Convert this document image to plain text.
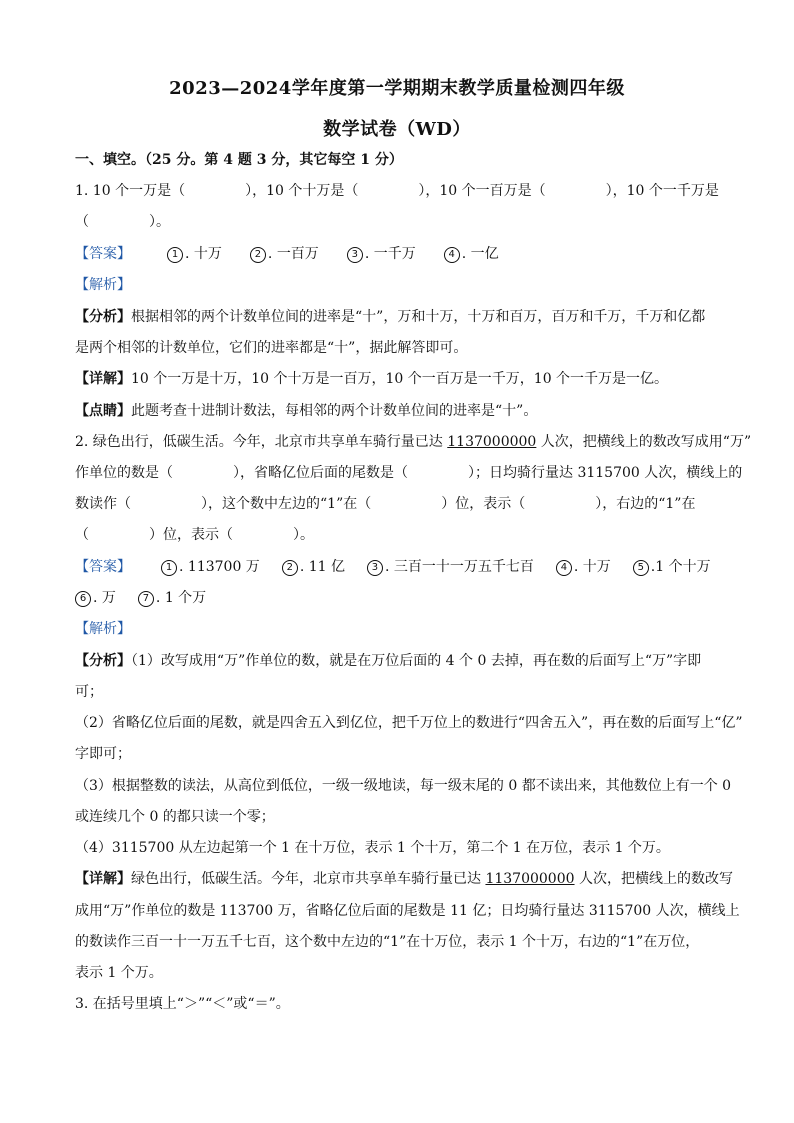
2023—2024学年度第一学期期末教学质量检测四年级
数学试卷（WD）
一、填空。（25 分。第 4 题 3 分，其它每空 1 分）
1. 10 个一万是（	），10 个十万是（	），10 个一百万是（	），10 个一千万是
（	）。
【答案】	1 . 十万	2 . 一百万	3 . 一千万	4 . 一亿
【解析】
【分析】根据相邻的两个计数单位间的进率是“十”，万和十万，十万和百万，百万和千万，千万和亿都
是两个相邻的计数单位，它们的进率都是“十”，据此解答即可。
【详解】10 个一万是十万，10 个十万是一百万，10 个一百万是一千万，10 个一千万是一亿。
【点睛】此题考查十进制计数法，每相邻的两个计数单位间的进率是“十”。
2. 绿色出行，低碳生活。今年，北京市共享单车骑行量已达 1137000000 人次，把横线上的数改写成用“万”
作单位的数是（	），省略亿位后面的尾数是（	）；日均骑行量达 3115700 人次，横线上的
数读作（	），这个数中左边的“1”在（	）位，表示（	），右边的“1”在
（	）位，表示（	）。
【答案】	1 . 113700 万	2 . 11 亿	3 . 三百一十一万五千七百	4 . 十万	5 .1 个十万
6 . 万	7 . 1 个万
【解析】
【分析】（1）改写成用“万”作单位的数，就是在万位后面的 4 个 0 去掉，再在数的后面写上“万”字即
可；
（2）省略亿位后面的尾数，就是四舍五入到亿位，把千万位上的数进行“四舍五入”，再在数的后面写上“亿”
字即可；
（3）根据整数的读法，从高位到低位，一级一级地读，每一级末尾的 0 都不读出来，其他数位上有一个 0
或连续几个 0 的都只读一个零；
（4）3115700 从左边起第一个 1 在十万位，表示 1 个十万，第二个 1 在万位，表示 1 个万。
【详解】绿色出行，低碳生活。今年，北京市共享单车骑行量已达 1137000000 人次，把横线上的数改写
成用“万”作单位的数是 113700 万，省略亿位后面的尾数是 11 亿；日均骑行量达 3115700 人次，横线上
的数读作三百一十一万五千七百，这个数中左边的“1”在十万位，表示 1 个十万，右边的“1”在万位，
表示 1 个万。
3. 在括号里填上“＞”“＜”或“＝”。
